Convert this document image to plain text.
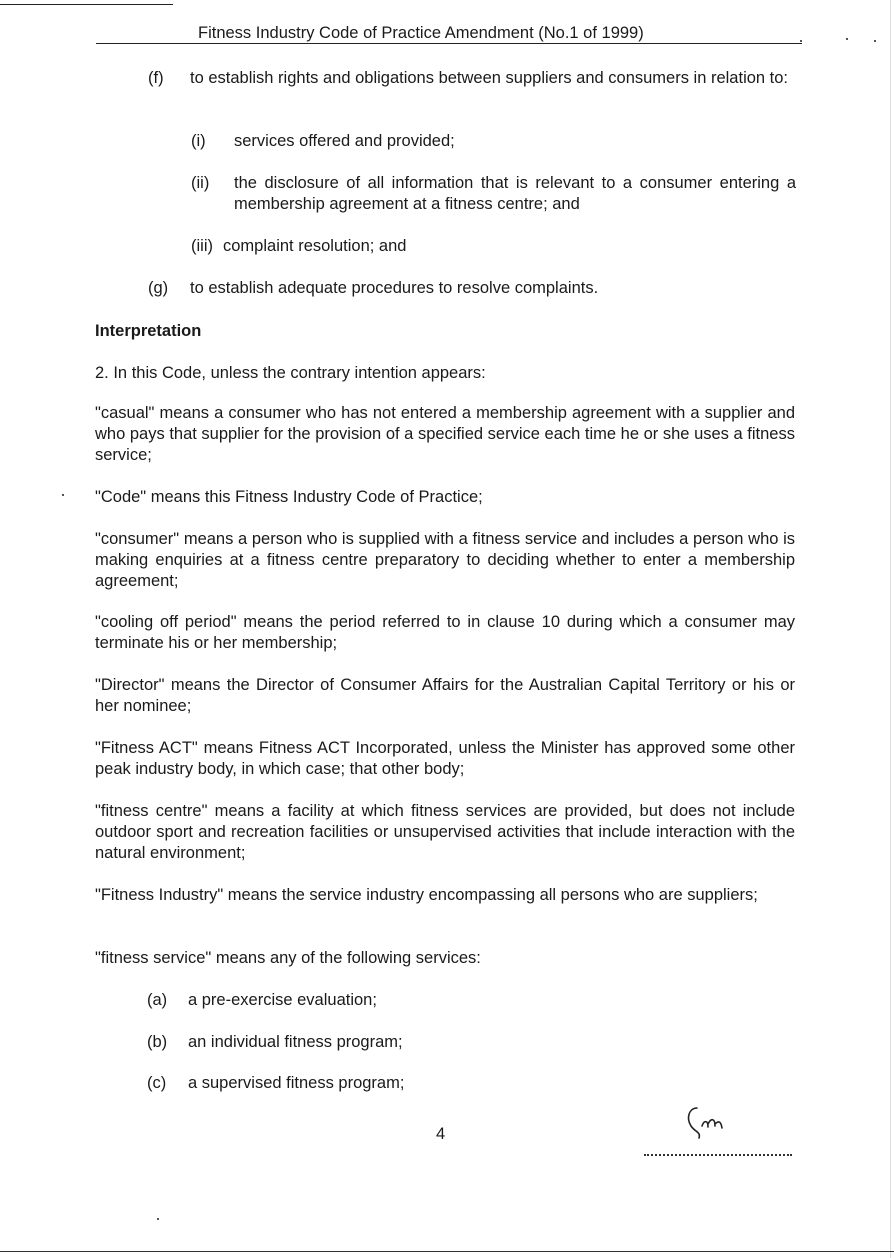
Fitness Industry Code of Practice Amendment (No.1 of 1999)
(f) to establish rights and obligations between suppliers and consumers in relation to:
(i) services offered and provided;
(ii) the disclosure of all information that is relevant to a consumer entering a membership agreement at a fitness centre; and
(iii) complaint resolution; and
(g) to establish adequate procedures to resolve complaints.
Interpretation
2. In this Code, unless the contrary intention appears:
"casual" means a consumer who has not entered a membership agreement with a supplier and who pays that supplier for the provision of a specified service each time he or she uses a fitness service;
"Code" means this Fitness Industry Code of Practice;
"consumer" means a person who is supplied with a fitness service and includes a person who is making enquiries at a fitness centre preparatory to deciding whether to enter a membership agreement;
"cooling off period" means the period referred to in clause 10 during which a consumer may terminate his or her membership;
"Director" means the Director of Consumer Affairs for the Australian Capital Territory or his or her nominee;
"Fitness ACT" means Fitness ACT Incorporated, unless the Minister has approved some other peak industry body, in which case; that other body;
"fitness centre" means a facility at which fitness services are provided, but does not include outdoor sport and recreation facilities or unsupervised activities that include interaction with the natural environment;
"Fitness Industry" means the service industry encompassing all persons who are suppliers;
"fitness service" means any of the following services:
(a) a pre-exercise evaluation;
(b) an individual fitness program;
(c) a supervised fitness program;
4
